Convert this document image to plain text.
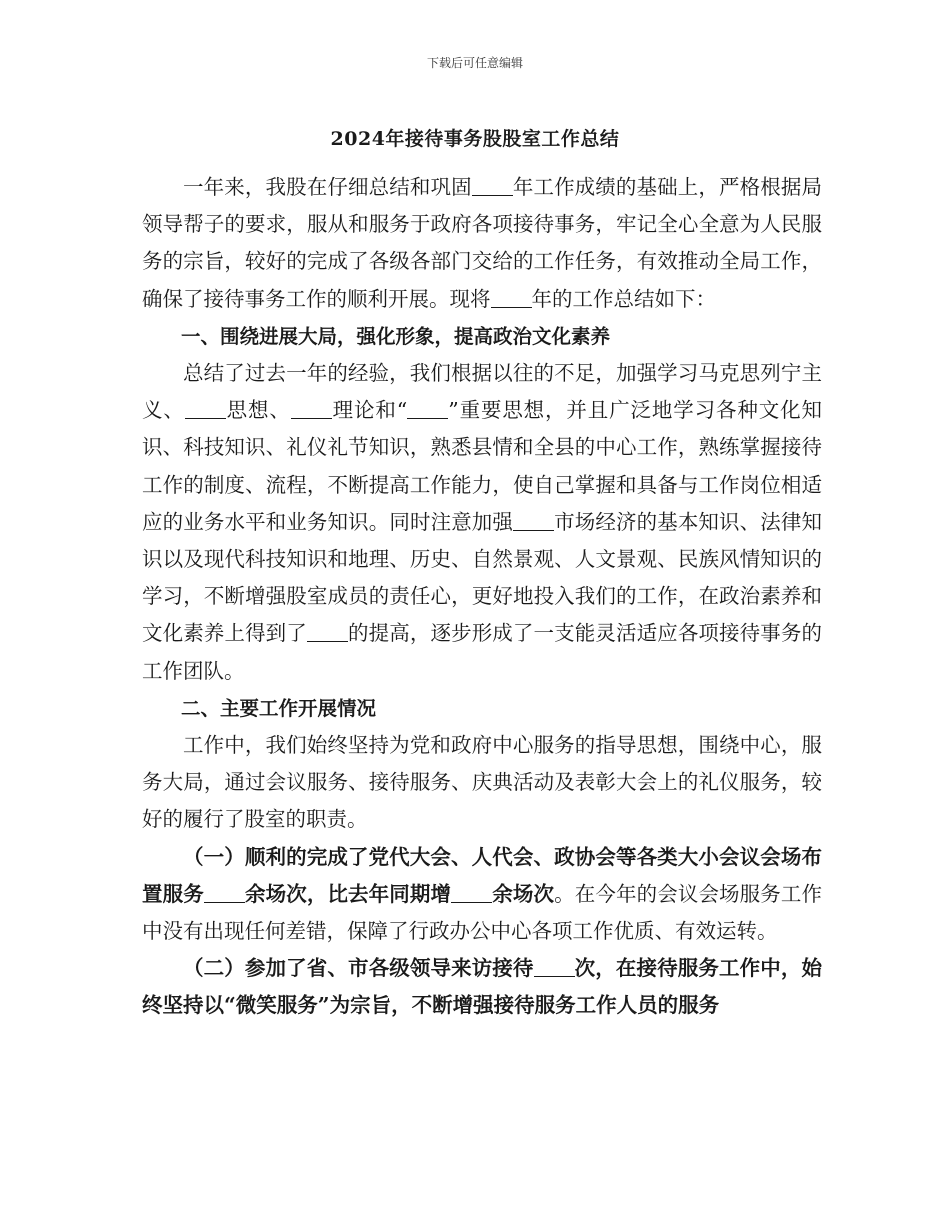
下载后可任意编辑
2024年接待事务股股室工作总结

一年来，我股在仔细总结和巩固 年工作成绩的基础上，严格根据局领导帮子的要求，服从和服务于政府各项接待事务，牢记全心全意为人民服务的宗旨，较好的完成了各级各部门交给的工作任务，有效推动全局工作，确保了接待事务工作的顺利开展。现将 年的工作总结如下：

一、围绕进展大局，强化形象，提高政治文化素养

总结了过去一年的经验，我们根据以往的不足，加强学习马克思列宁主义、 思想、 理论和“ ”重要思想，并且广泛地学习各种文化知识、科技知识、礼仪礼节知识，熟悉县情和全县的中心工作，熟练掌握接待工作的制度、流程，不断提高工作能力，使自己掌握和具备与工作岗位相适应的业务水平和业务知识。同时注意加强 市场经济的基本知识、法律知识以及现代科技知识和地理、历史、自然景观、人文景观、民族风情知识的学习，不断增强股室成员的责任心，更好地投入我们的工作，在政治素养和文化素养上得到了 的提高，逐步形成了一支能灵活适应各项接待事务的工作团队。

二、主要工作开展情况

工作中，我们始终坚持为党和政府中心服务的指导思想，围绕中心，服务大局，通过会议服务、接待服务、庆典活动及表彰大会上的礼仪服务，较好的履行了股室的职责。

（一）顺利的完成了党代大会、人代会、政协会等各类大小会议会场布置服务 余场次，比去年同期增 余场次。在今年的会议会场服务工作中没有出现任何差错，保障了行政办公中心各项工作优质、有效运转。

（二）参加了省、市各级领导来访接待 次，在接待服务工作中，始终坚持以“微笑服务”为宗旨，不断增强接待服务工作人员的服务
